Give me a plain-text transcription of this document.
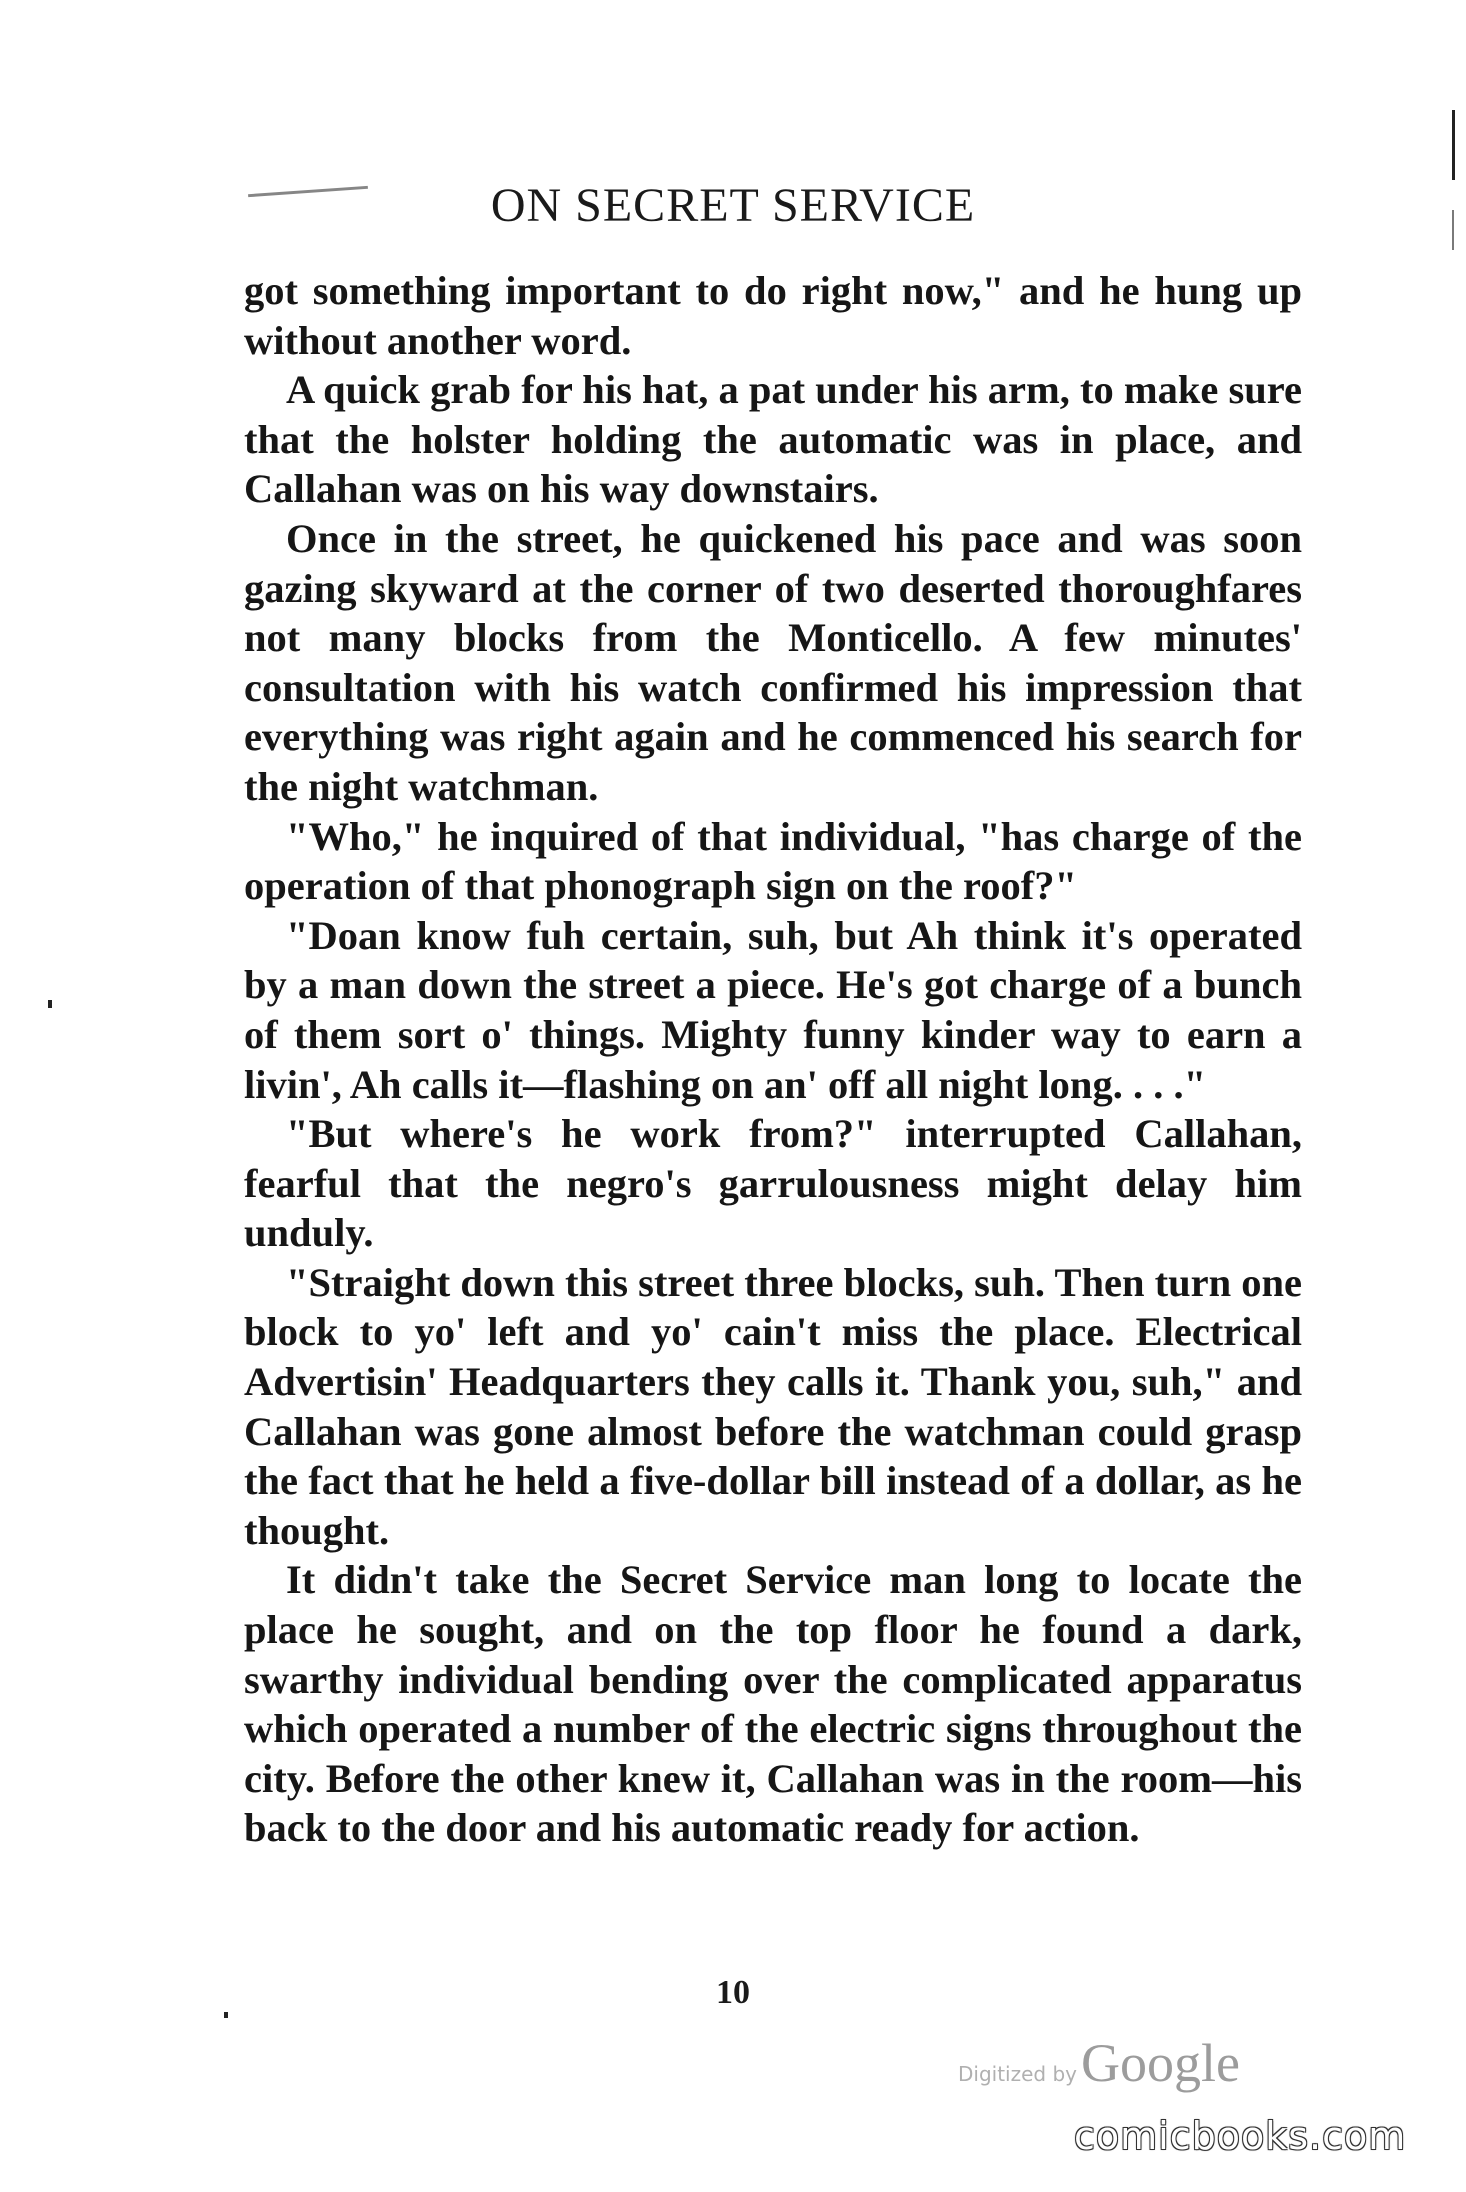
ON SECRET SERVICE

got something important to do right now," and he hung up without another word.

A quick grab for his hat, a pat under his arm, to make sure that the holster holding the automatic was in place, and Callahan was on his way downstairs.

Once in the street, he quickened his pace and was soon gazing skyward at the corner of two deserted thoroughfares not many blocks from the Monticello. A few minutes' consultation with his watch confirmed his impression that everything was right again and he commenced his search for the night watchman.

"Who," he inquired of that individual, "has charge of the operation of that phonograph sign on the roof?"

"Doan know fuh certain, suh, but Ah think it's operated by a man down the street a piece. He's got charge of a bunch of them sort o' things. Mighty funny kinder way to earn a livin', Ah calls it—flashing on an' off all night long. . . ."

"But where's he work from?" interrupted Callahan, fearful that the negro's garrulousness might delay him unduly.

"Straight down this street three blocks, suh. Then turn one block to yo' left and yo' cain't miss the place. Electrical Advertisin' Headquarters they calls it. Thank you, suh," and Callahan was gone almost before the watchman could grasp the fact that he held a five-dollar bill instead of a dollar, as he thought.

It didn't take the Secret Service man long to locate the place he sought, and on the top floor he found a dark, swarthy individual bending over the complicated apparatus which operated a number of the electric signs throughout the city. Before the other knew it, Callahan was in the room—his back to the door and his automatic ready for action.

10
Digitized by Google
comicbooks.com
